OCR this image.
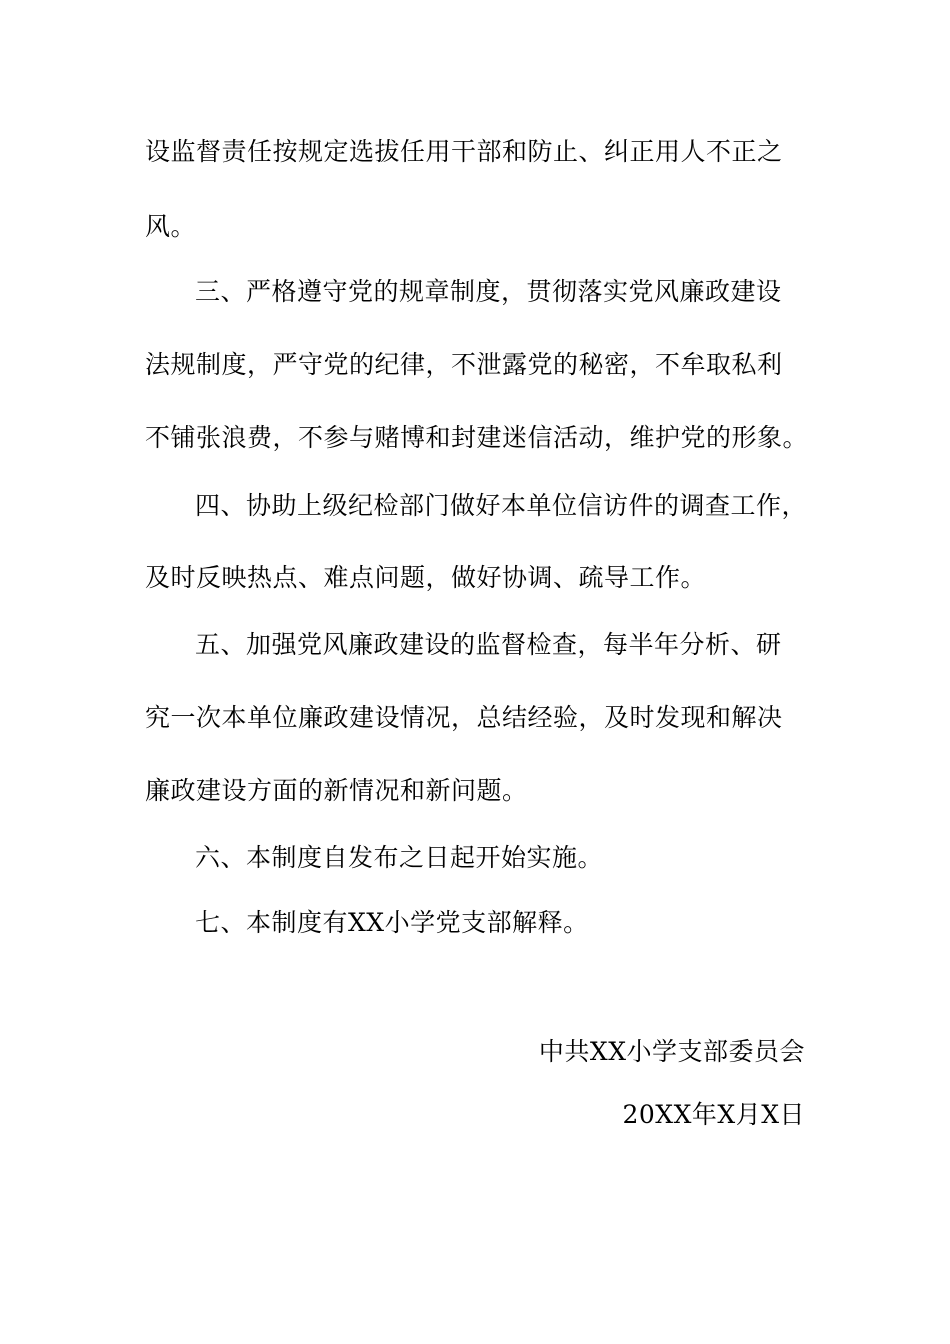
设监督责任按规定选拔任用干部和防止、纠正用人不正之
风。
三、严格遵守党的规章制度，贯彻落实党风廉政建设
法规制度，严守党的纪律，不泄露党的秘密，不牟取私利
不铺张浪费，不参与赌博和封建迷信活动，维护党的形象。
四、协助上级纪检部门做好本单位信访件的调查工作，
及时反映热点、难点问题，做好协调、疏导工作。
五、加强党风廉政建设的监督检查，每半年分析、研
究一次本单位廉政建设情况，总结经验，及时发现和解决
廉政建设方面的新情况和新问题。
六、本制度自发布之日起开始实施。
七、本制度有XX小学党支部解释。
中共XX小学支部委员会
20XX年X月X日
